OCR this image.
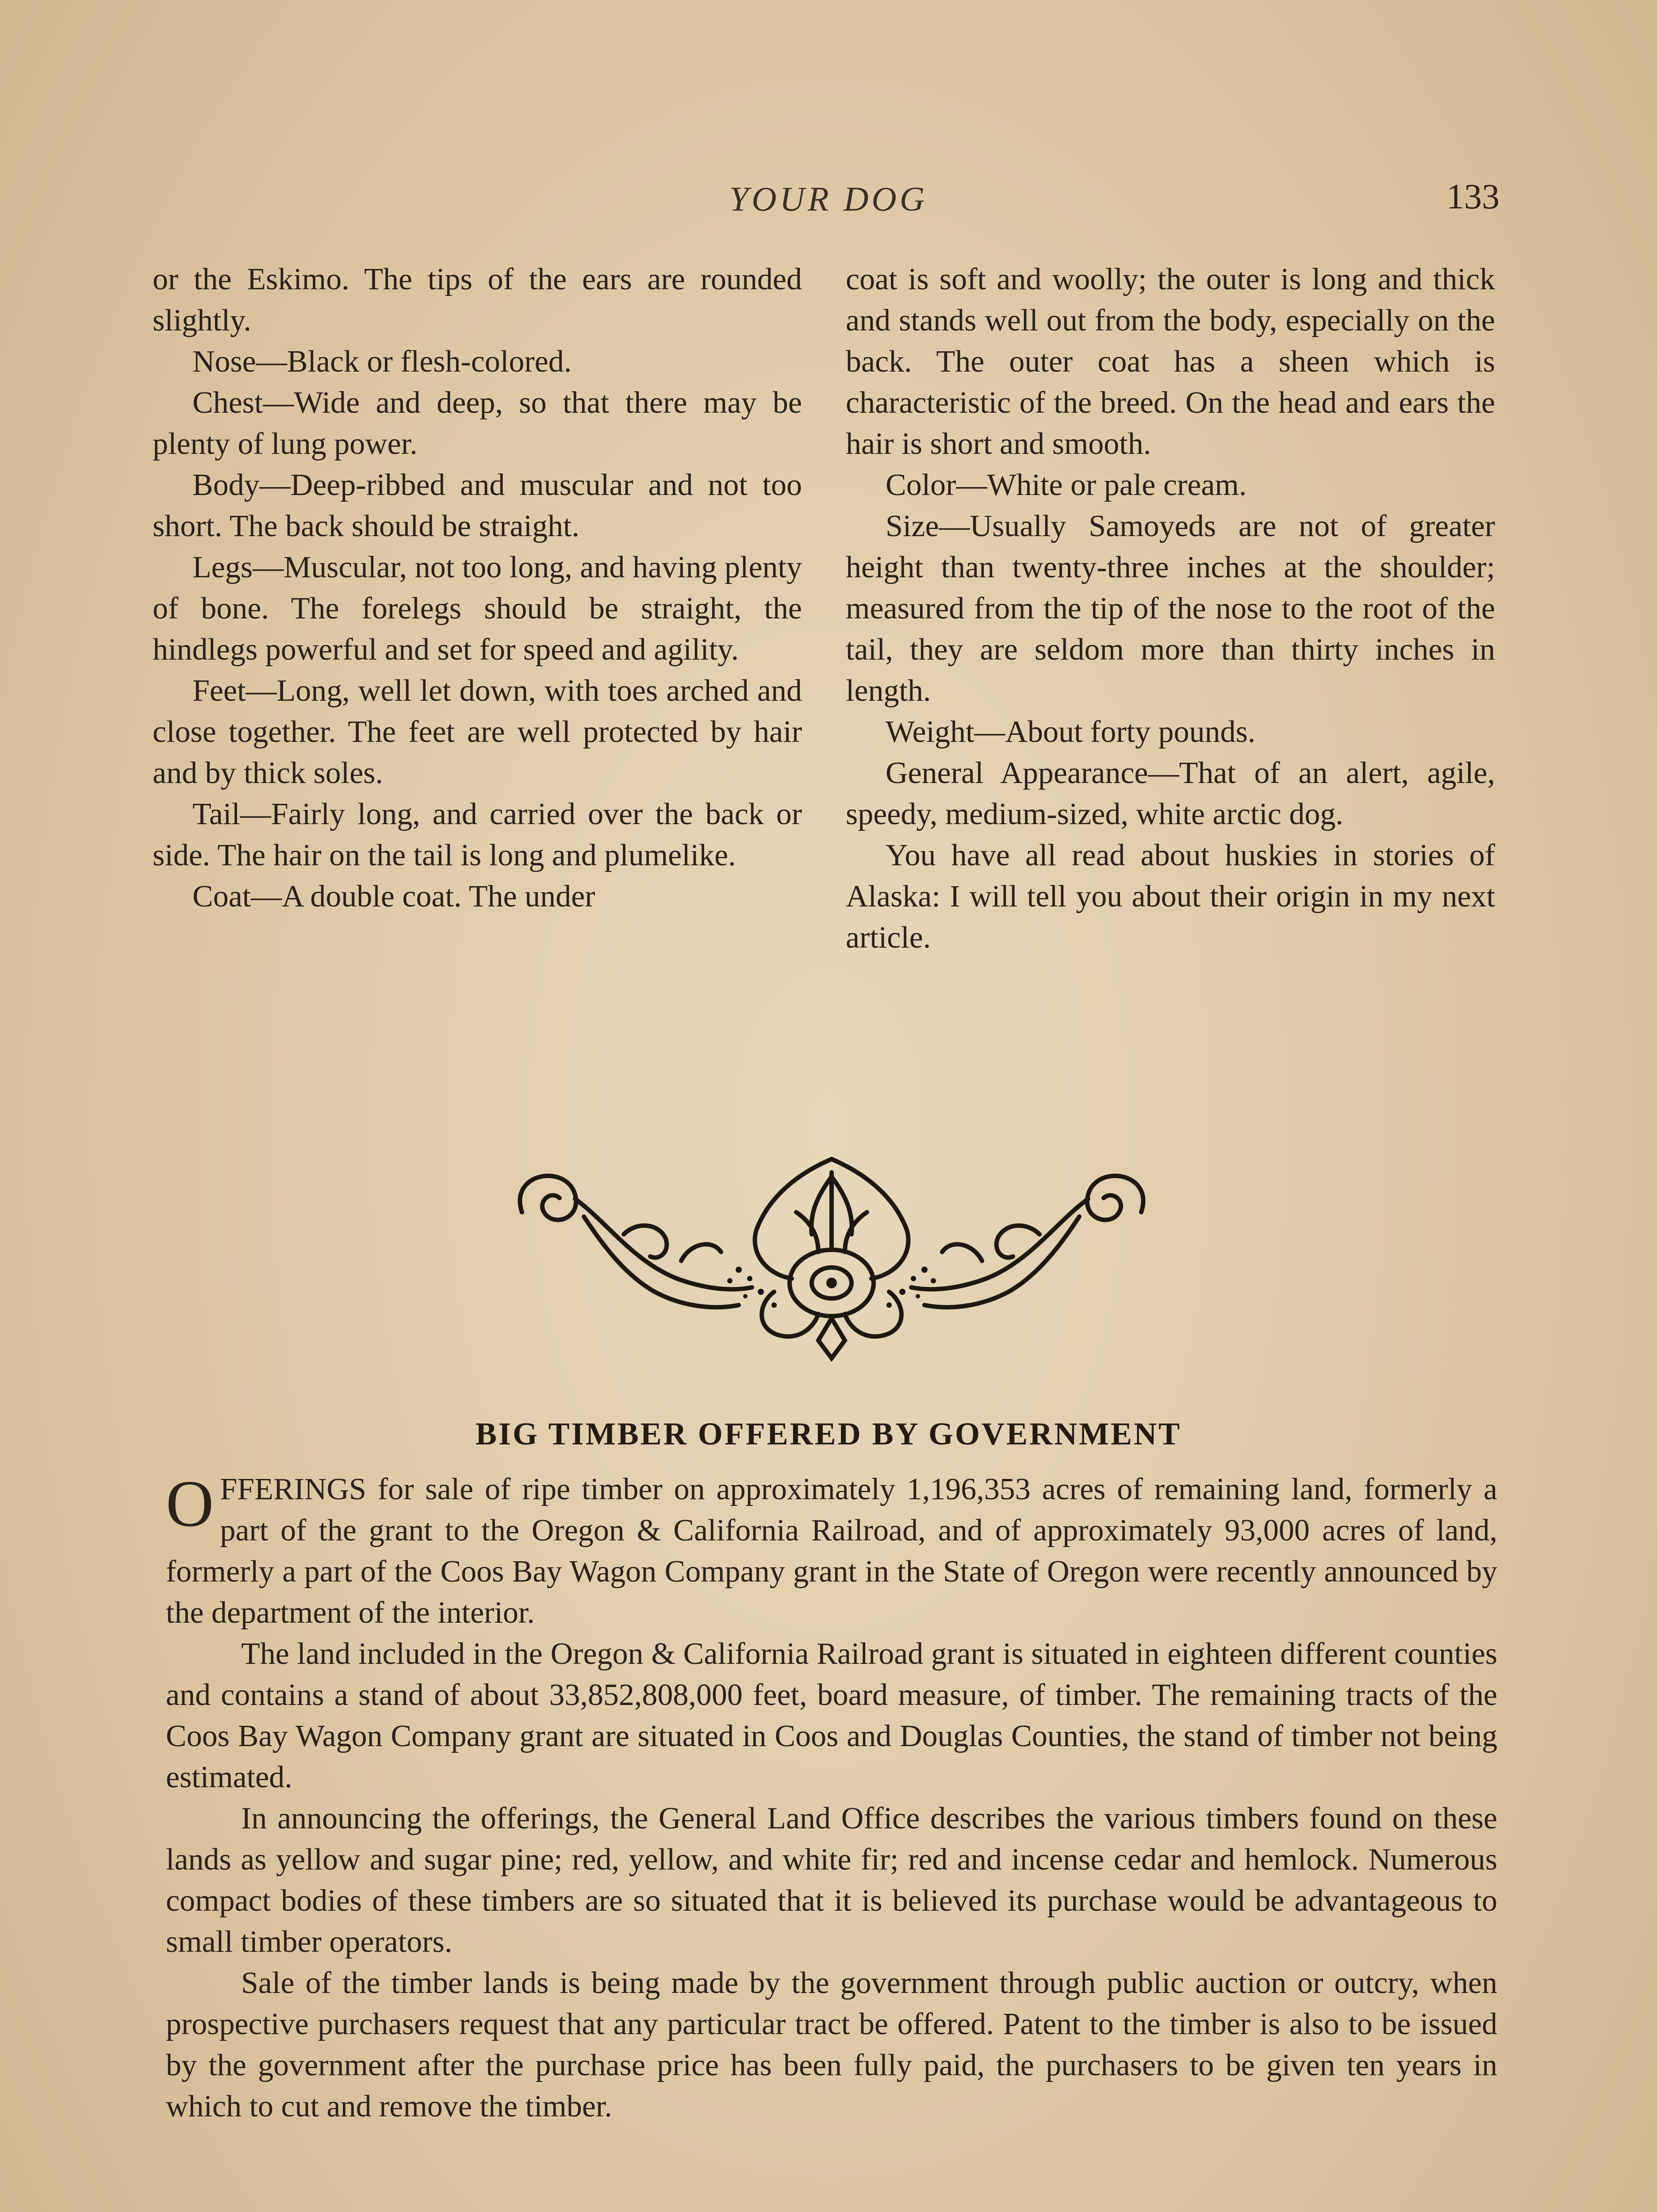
YOUR DOG	133

or the Eskimo. The tips of the ears are rounded slightly.

Nose—Black or flesh-colored.

Chest—Wide and deep, so that there may be plenty of lung power.

Body—Deep-ribbed and muscular and not too short. The back should be straight.

Legs—Muscular, not too long, and having plenty of bone. The forelegs should be straight, the hindlegs powerful and set for speed and agility.

Feet—Long, well let down, with toes arched and close together. The feet are well protected by hair and by thick soles.

Tail—Fairly long, and carried over the back or side. The hair on the tail is long and plumelike.

Coat—A double coat. The under

coat is soft and woolly; the outer is long and thick and stands well out from the body, especially on the back. The outer coat has a sheen which is characteristic of the breed. On the head and ears the hair is short and smooth.

Color—White or pale cream.

Size—Usually Samoyeds are not of greater height than twenty-three inches at the shoulder; measured from the tip of the nose to the root of the tail, they are seldom more than thirty inches in length.

Weight—About forty pounds.

General Appearance—That of an alert, agile, speedy, medium-sized, white arctic dog.

You have all read about huskies in stories of Alaska: I will tell you about their origin in my next article.

BIG TIMBER OFFERED BY GOVERNMENT

OFFERINGS for sale of ripe timber on approximately 1,196,353 acres of remaining land, formerly a part of the grant to the Oregon & California Railroad, and of approximately 93,000 acres of land, formerly a part of the Coos Bay Wagon Company grant in the State of Oregon were recently announced by the department of the interior.

The land included in the Oregon & California Railroad grant is situated in eighteen different counties and contains a stand of about 33,852,808,000 feet, board measure, of timber. The remaining tracts of the Coos Bay Wagon Company grant are situated in Coos and Douglas Counties, the stand of timber not being estimated.

In announcing the offerings, the General Land Office describes the various timbers found on these lands as yellow and sugar pine; red, yellow, and white fir; red and incense cedar and hemlock. Numerous compact bodies of these timbers are so situated that it is believed its purchase would be advantageous to small timber operators.

Sale of the timber lands is being made by the government through public auction or outcry, when prospective purchasers request that any particular tract be offered. Patent to the timber is also to be issued by the government after the purchase price has been fully paid, the purchasers to be given ten years in which to cut and remove the timber.
